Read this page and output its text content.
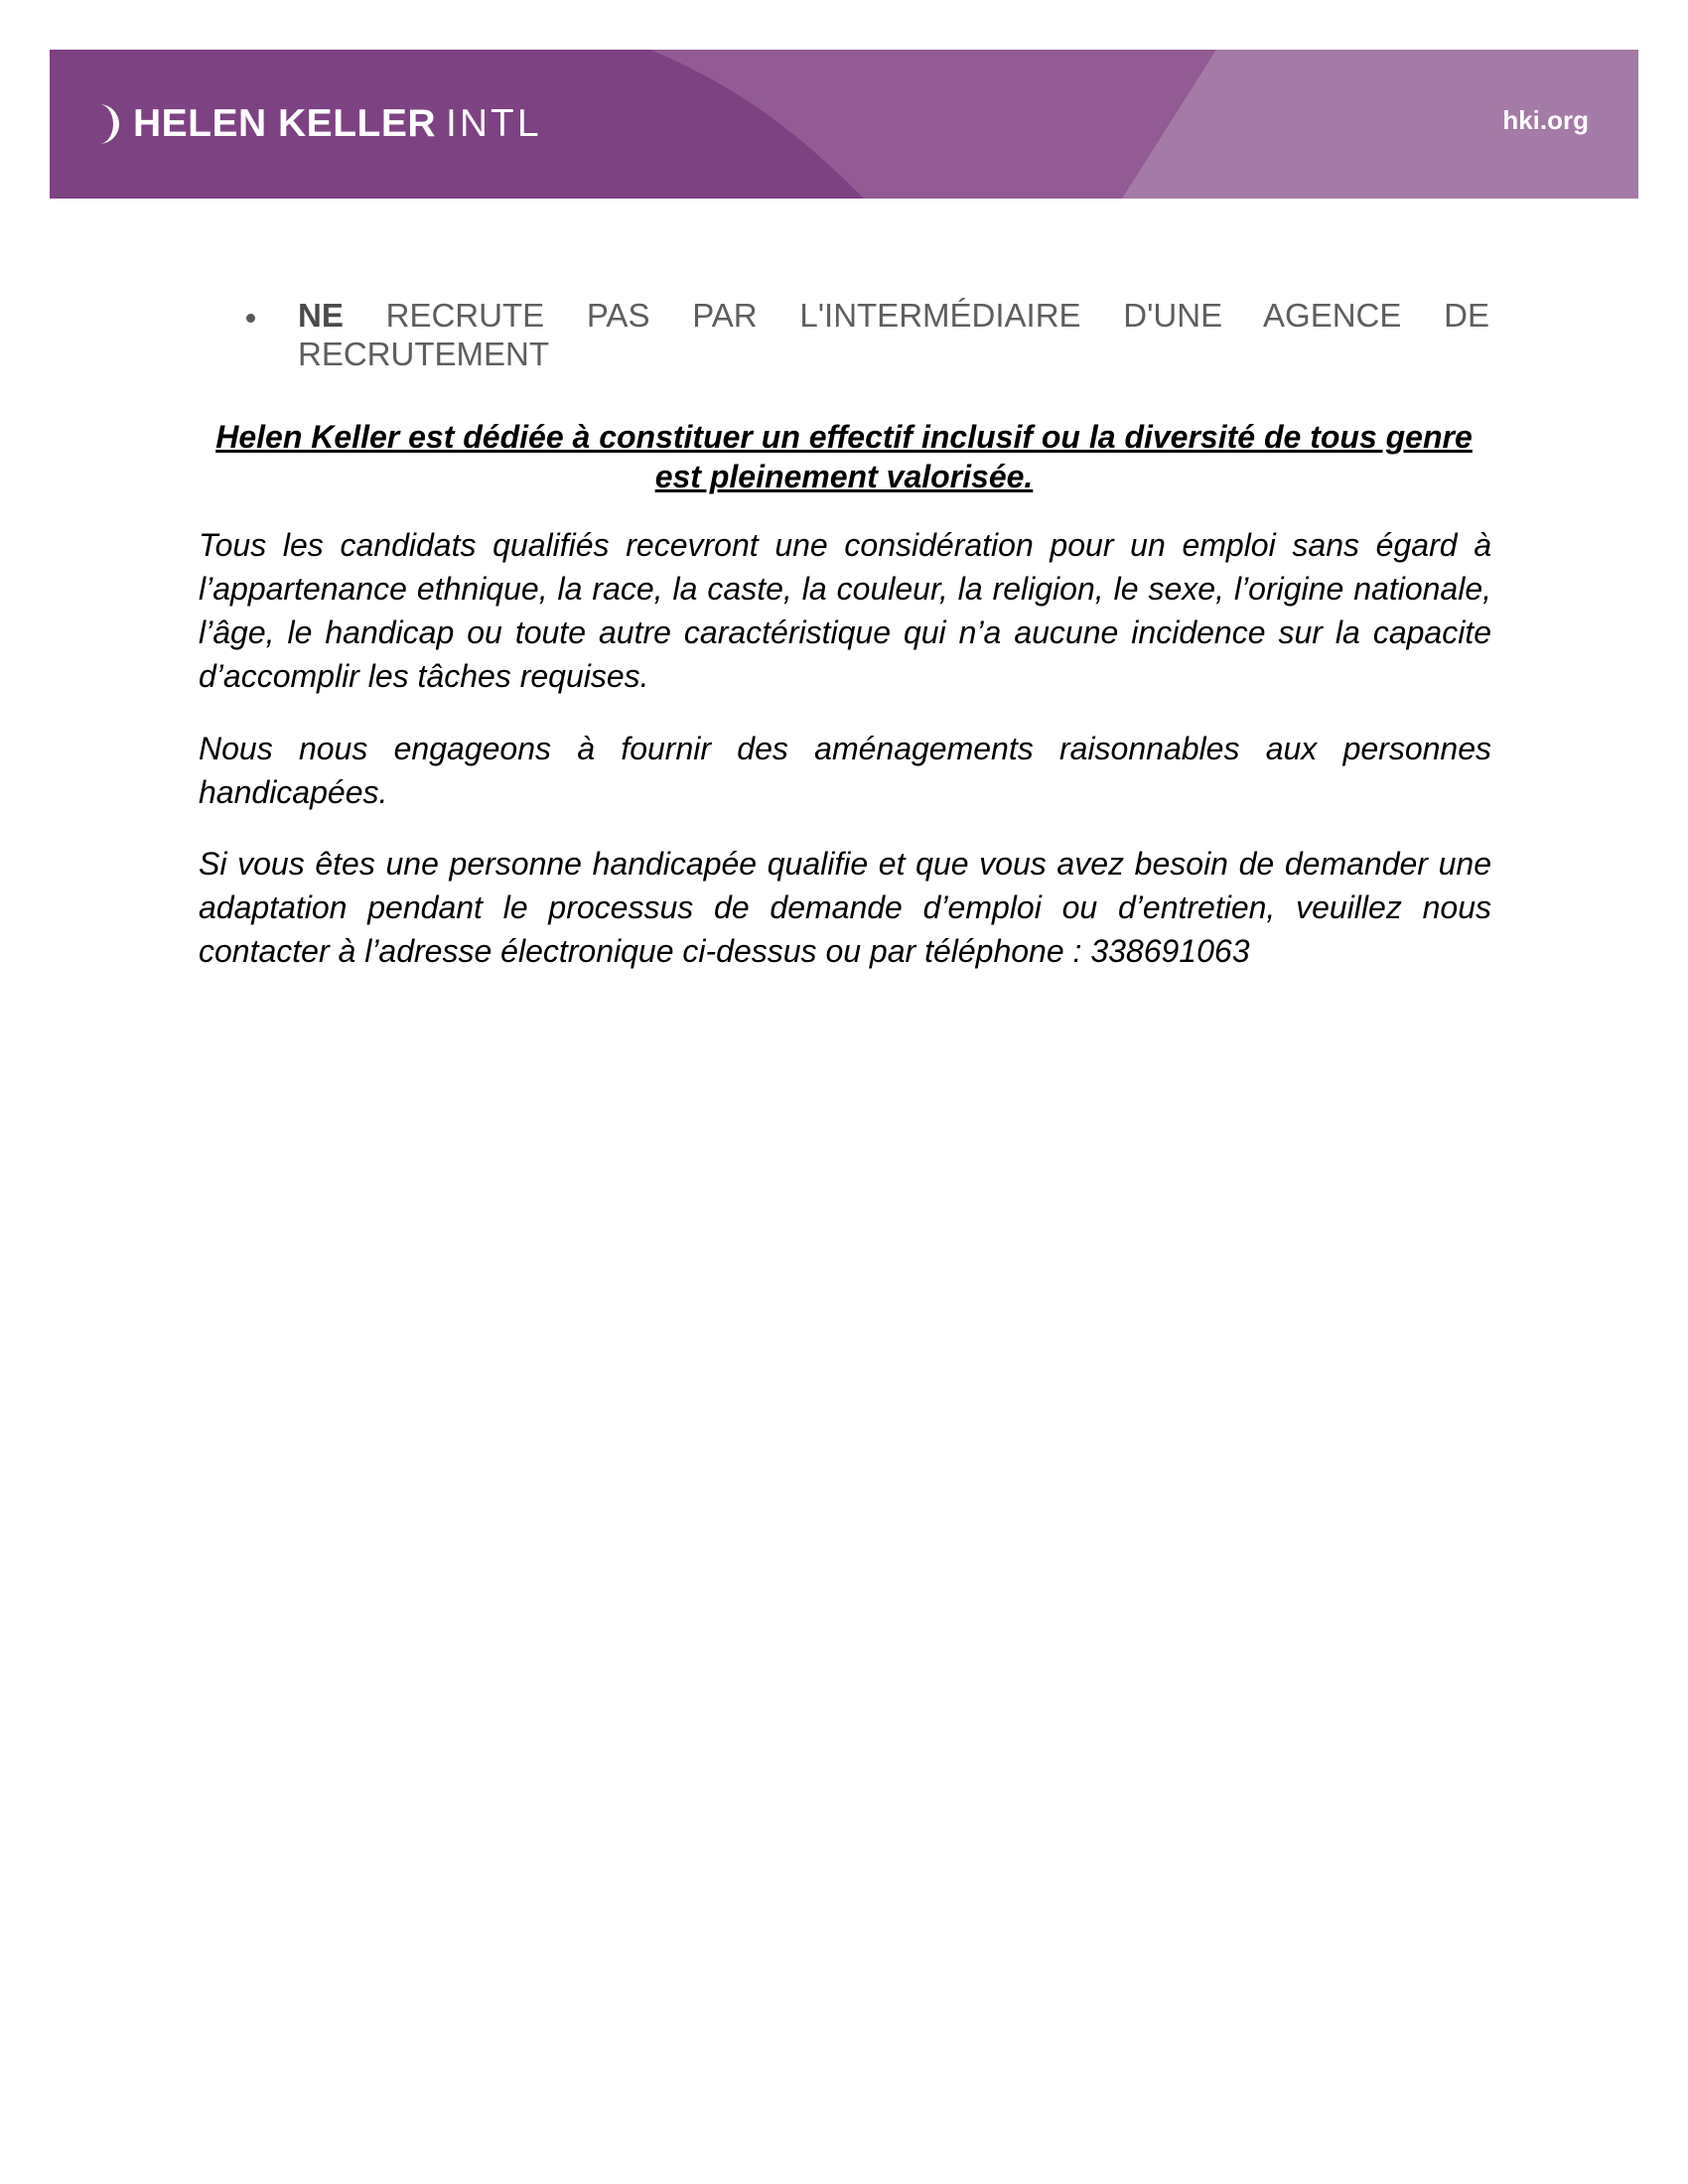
HELEN KELLER INTL	hki.org
NE RECRUTE PAS PAR L'INTERMÉDIAIRE D'UNE AGENCE DE RECRUTEMENT

Helen Keller est dédiée à constituer un effectif inclusif ou la diversité de tous genre est pleinement valorisée.

Tous les candidats qualifiés recevront une considération pour un emploi sans égard à l’appartenance ethnique, la race, la caste, la couleur, la religion, le sexe, l’origine nationale, l’âge, le handicap ou toute autre caractéristique qui n’a aucune incidence sur la capacite d’accomplir les tâches requises.

Nous nous engageons à fournir des aménagements raisonnables aux personnes handicapées.

Si vous êtes une personne handicapée qualifie et que vous avez besoin de demander une adaptation pendant le processus de demande d’emploi ou d’entretien, veuillez nous contacter à l’adresse électronique ci-dessus ou par téléphone : 338691063
